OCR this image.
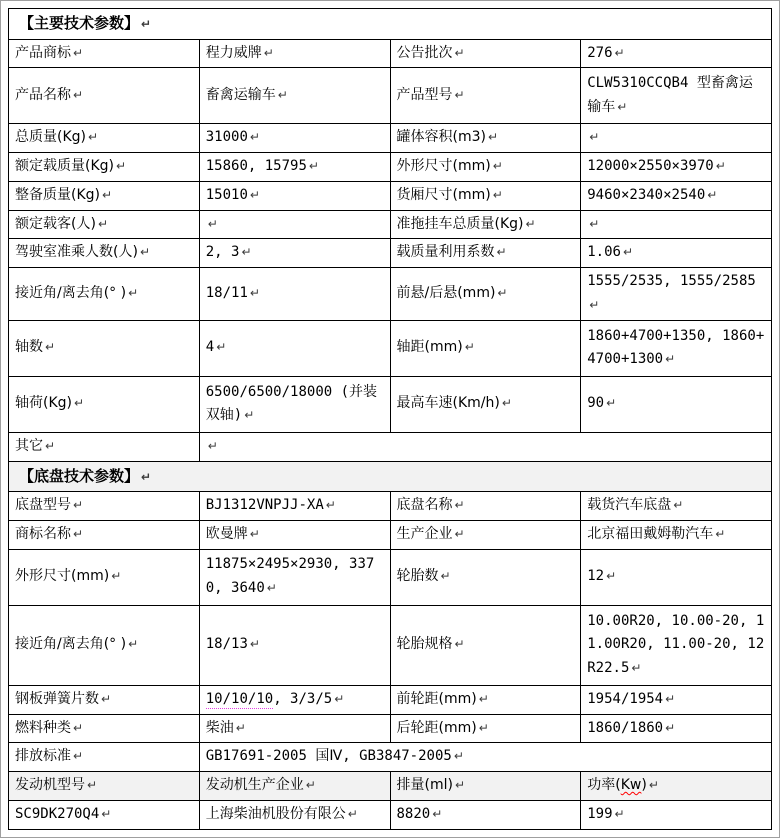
【主要技术参数】 ↵			
产品商标 ↵	程力威牌 ↵	公告批次 ↵	276 ↵
产品名称 ↵	畜禽运输车 ↵	产品型号 ↵	CLW5310CCQB4 型畜禽运输车 ↵
总质量(Kg) ↵	31000 ↵	罐体容积(m3) ↵	↵
额定载质量(Kg) ↵	15860, 15795 ↵	外形尺寸(mm) ↵	12000×2550×3970 ↵
整备质量(Kg) ↵	15010 ↵	货厢尺寸(mm) ↵	9460×2340×2540 ↵
额定载客(人) ↵	↵	准拖挂车总质量(Kg) ↵	↵
驾驶室准乘人数(人) ↵	2, 3 ↵	载质量利用系数 ↵	1.06 ↵
接近角/离去角(° ) ↵	18/11 ↵	前悬/后悬(mm) ↵	1555/2535, 1555/2585↵
轴数 ↵	4 ↵	轴距(mm) ↵	1860+4700+1350, 1860+4700+1300 ↵
轴荷(Kg) ↵	6500/6500/18000 (并装双轴) ↵	最高车速(Km/h) ↵	90 ↵
其它 ↵	↵		
【底盘技术参数】 ↵			
底盘型号 ↵	BJ1312VNPJJ-XA ↵	底盘名称 ↵	载货汽车底盘 ↵
商标名称 ↵	欧曼牌 ↵	生产企业 ↵	北京福田戴姆勒汽车 ↵
外形尺寸(mm) ↵	11875×2495×2930, 3370, 3640 ↵	轮胎数 ↵	12 ↵
接近角/离去角(° ) ↵	18/13 ↵	轮胎规格 ↵	10.00R20, 10.00-20, 11.00R20, 11.00-20, 12R22.5 ↵
钢板弹簧片数 ↵	10/10/10, 3/3/5 ↵	前轮距(mm) ↵	1954/1954 ↵
燃料种类 ↵	柴油 ↵	后轮距(mm) ↵	1860/1860 ↵
排放标准 ↵	GB17691-2005 国Ⅳ, GB3847-2005 ↵		
发动机型号 ↵	发动机生产企业 ↵	排量(ml) ↵	功率(Kw) ↵
SC9DK270Q4 ↵	上海柴油机股份有限公 ↵	8820 ↵	199 ↵
